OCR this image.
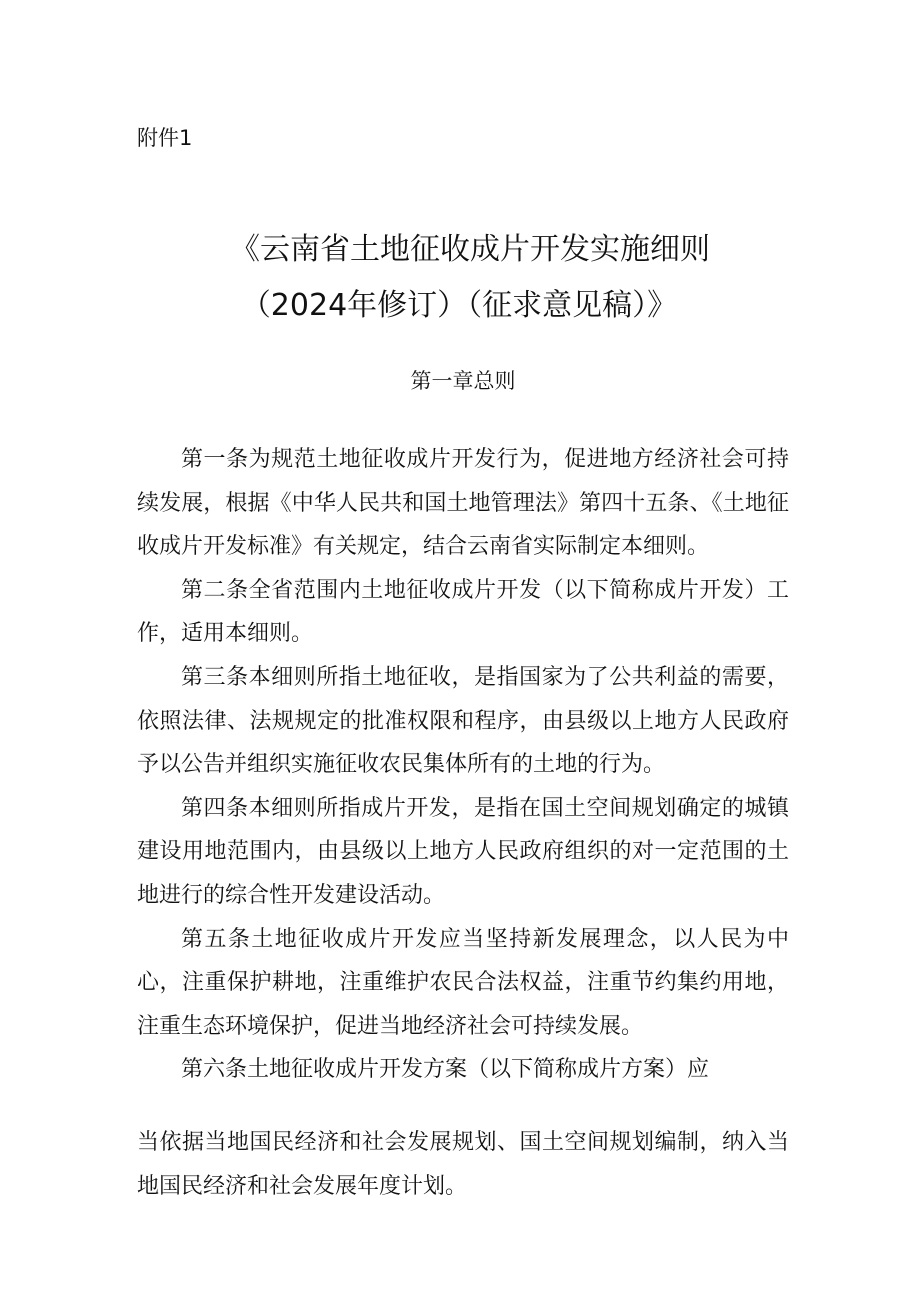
附件1
《云南省土地征收成片开发实施细则
（2024年修订）（征求意见稿）》
第一章总则

第一条为规范土地征收成片开发行为，促进地方经济社会可持续发展，根据《中华人民共和国土地管理法》第四十五条、《土地征收成片开发标准》有关规定，结合云南省实际制定本细则。

第二条全省范围内土地征收成片开发（以下简称成片开发）工作，适用本细则。

第三条本细则所指土地征收，是指国家为了公共利益的需要，依照法律、法规规定的批准权限和程序，由县级以上地方人民政府予以公告并组织实施征收农民集体所有的土地的行为。

第四条本细则所指成片开发，是指在国土空间规划确定的城镇建设用地范围内，由县级以上地方人民政府组织的对一定范围的土地进行的综合性开发建设活动。

第五条土地征收成片开发应当坚持新发展理念，以人民为中心，注重保护耕地，注重维护农民合法权益，注重节约集约用地，注重生态环境保护，促进当地经济社会可持续发展。

第六条土地征收成片开发方案（以下简称成片方案）应

当依据当地国民经济和社会发展规划、国土空间规划编制，纳入当地国民经济和社会发展年度计划。
